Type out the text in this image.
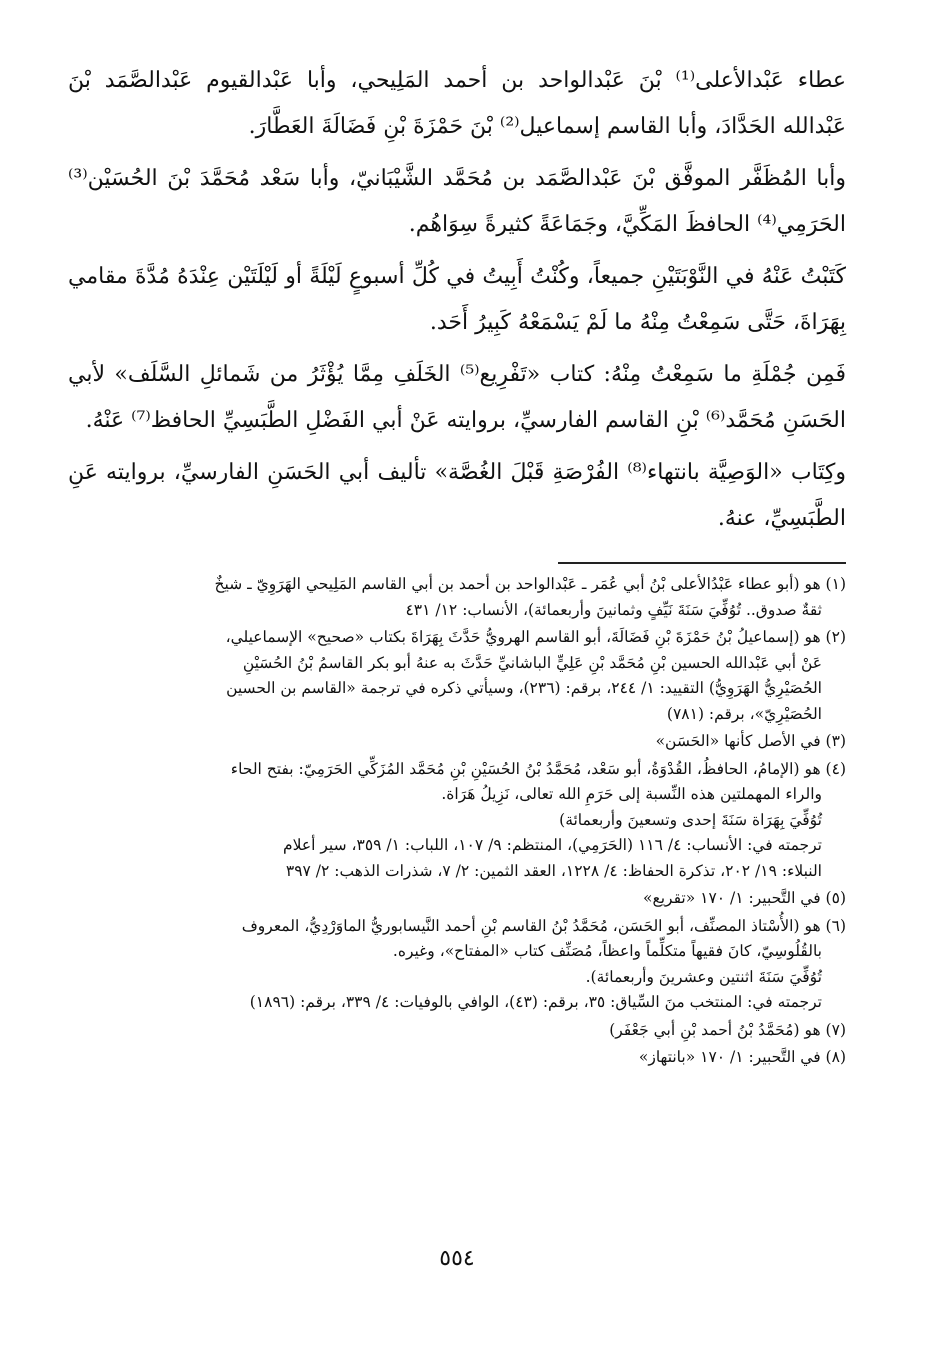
عطاء عَبْدالأعلى⁽¹⁾ بْنَ عَبْدالواحد بن أحمد المَلِيحي، وأبا عَبْدالقيوم عَبْدالصَّمَد بْنَ عَبْدالله الحَدَّادَ، وأبا القاسم إسماعيل⁽²⁾ بْنَ حَمْزَةَ بْنِ فَضَالَةَ العَطَّارَ.

وأبا المُظَفَّر الموفَّق بْنَ عَبْدالصَّمَد بن مُحَمَّد الشَّيْبَانيّ، وأبا سَعْد مُحَمَّدَ بْنَ الحُسَيْن⁽³⁾ الحَرَمِي⁽⁴⁾ الحافظَ المَكِّيَّ، وجَمَاعَةً كثيرةً سِوَاهُم.

كَتَبْتُ عَنْهُ في النَّوْبَتَيْنِ جميعاً، وكُنْتُ أَبِيتُ في كُلِّ أسبوعٍ لَيْلَةً أو لَيْلَتَيْن عِنْدَهُ مُدَّةَ مقامي بِهَرَاةَ، حَتَّى سَمِعْتُ مِنْهُ ما لَمْ يَسْمَعْهُ كَبِيرُ أَحَد.

فَمِن جُمْلَةِ ما سَمِعْتُ مِنْهُ: كتاب «تَفْرِيع⁽⁵⁾ الخَلَفِ مِمَّا يُؤْثَرُ من شَمائلِ السَّلَف» لأبي الحَسَنِ مُحَمَّد⁽⁶⁾ بْنِ القاسم الفارسيِّ، بروايته عَنْ أبي الفَضْلِ الطَّبَسِيِّ الحافظ⁽⁷⁾ عَنْهُ.

وكِتَاب «الوَصِيَّة بانتهاء⁽⁸⁾ الفُرْصَةِ قَبْلَ الغُصَّة» تأليف أبي الحَسَنِ الفارسيِّ، بروايته عَنِ الطَّبَسِيِّ، عنهُ.

(١) هو (أبو عطاء عَبْدُالأعلى بْنُ أبي عُمَر ـ عَبْدالواحد بن أحمد بن أبي القاسم المَلِيحي الهَرَوِيّ ـ شيخٌ
ثقةٌ صدوق.. تُوُفِّيَ سَنَةَ نَيِّفٍ وثمانينَ وأربعمائة)، الأنساب: ١٢/ ٤٣١
(٢) هو (إسماعيلُ بْنُ حَمْزَةَ بْنِ فَضَالَةَ، أبو القاسم الهرويُّ حَدَّثَ بِهَرَاةَ بكتاب «صحيح» الإسماعيلي،
عَنْ أبي عَبْدالله الحسين بْنِ مُحَمَّد بْنِ عَلِيٍّ الباشانيِّ حَدَّثَ به عنهُ أبو بكر القاسمُ بْنُ الحُسَيْنِ
الحُصَيْرِيُّ الهَرَوِيُّ) التقييد: ١/ ٢٤٤، برقم: (٢٣٦)، وسيأتي ذكره في ترجمة «القاسم بن الحسين
الحُصَيْرِيّ»، برقم: (٧٨١)
(٣) في الأصل كأنها «الحَسَن»
(٤) هو (الإمامُ، الحافظُ، القُدْوَةُ، أبو سَعْد، مُحَمَّدُ بْنُ الحُسَيْنِ بْنِ مُحَمَّد المُزَكِّي الحَرَمِيّ: بفتح الحاء
والراء المهملتين هذه النِّسبة إلى حَرَمِ الله تعالى، نَزِيلُ هَرَاة.
تُوُفِّيَ بِهَرَاة سَنَةَ إحدى وتسعينَ وأربعمائة)
ترجمته في: الأنساب: ٤/ ١١٦ (الحَرَمِي)، المنتظم: ٩/ ١٠٧، اللباب: ١/ ٣٥٩، سير أعلام
النبلاء: ١٩/ ٢٠٢، تذكرة الحفاظ: ٤/ ١٢٢٨، العقد الثمين: ٢/ ٧، شذرات الذهب: ٢/ ٣٩٧
(٥) في التَّحبير: ١/ ١٧٠ «تقريع»
(٦) هو (الأُسْتاذ المصنِّف، أبو الحَسَن، مُحَمَّدُ بْنُ القاسم بْنِ أحمد النَّيسابوريُّ الماوَرْدِيُّ، المعروف
بالقُلُوسِيّ، كانَ فقيهاً متكلِّماً واعظاً، مُصَنِّف كتاب «المفتاح»، وغيره.
تُوُفِّيَ سَنَةَ اثنتين وعشرينَ وأربعمائة).
ترجمته في: المنتخب منَ السِّياق: ٣٥، برقم: (٤٣)، الوافي بالوفيات: ٤/ ٣٣٩، برقم: (١٨٩٦)
(٧) هو (مُحَمَّدُ بْنُ أحمد بْنِ أبي جَعْفَر)
(٨) في التَّحبير: ١/ ١٧٠ «بانتهاز»
٥٥٤
